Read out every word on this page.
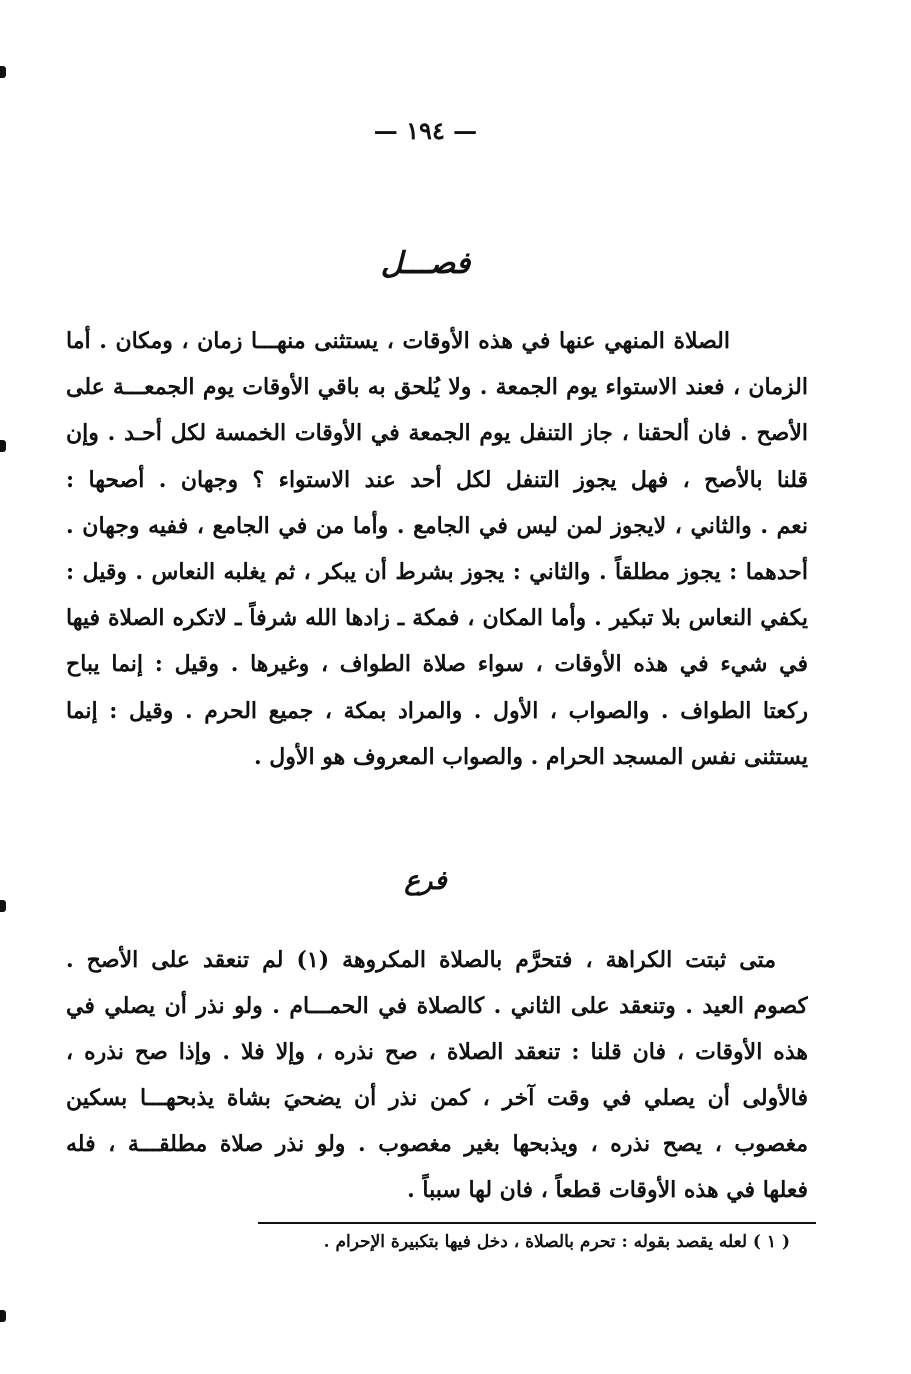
— ١٩٤ —
فصـــل
الصلاة المنهي عنها في هذه الأوقات ، يستثنى منهـــا زمان ، ومكان . أما
الزمان ، فعند الاستواء يوم الجمعة . ولا يُلحق به باقي الأوقات يوم الجمعـــة على
الأصح . فان ألحقنا ، جاز التنفل يوم الجمعة في الأوقات الخمسة لكل أحـد . وإن
قلنا بالأصح ، فهل يجوز التنفل لكل أحد عند الاستواء ؟ وجهان . أصحها :
نعم . والثاني ، لايجوز لمن ليس في الجامع . وأما من في الجامع ، ففيه وجهان .
أحدهما : يجوز مطلقاً . والثاني : يجوز بشرط أن يبكر ، ثم يغلبه النعاس . وقيل :
يكفي النعاس بلا تبكير . وأما المكان ، فمكة ـ زادها الله شرفاً ـ لاتكره الصلاة فيها
في شيء في هذه الأوقات ، سواء صلاة الطواف ، وغيرها . وقيل : إنما يباح
ركعتا الطواف . والصواب ، الأول . والمراد بمكة ، جميع الحرم . وقيل : إنما
يستثنى نفس المسجد الحرام . والصواب المعروف هو الأول .
فرع
متى ثبتت الكراهة ، فتحرَّم بالصلاة المكروهة (١) لم تنعقد على الأصح .
كصوم العيد . وتنعقد على الثاني . كالصلاة في الحمـــام . ولو نذر أن يصلي في
هذه الأوقات ، فان قلنا : تنعقد الصلاة ، صح نذره ، وإلا فلا . وإذا صح نذره ،
فالأولى أن يصلي في وقت آخر ، كمن نذر أن يضحيَ بشاة يذبحهـــا بسكين
مغصوب ، يصح نذره ، ويذبحها بغير مغصوب . ولو نذر صلاة مطلقـــة ، فله
فعلها في هذه الأوقات قطعاً ، فان لها سبباً .
( ١ ) لعله يقصد بقوله : تحرم بالصلاة ، دخل فيها بتكبيرة الإحرام .
